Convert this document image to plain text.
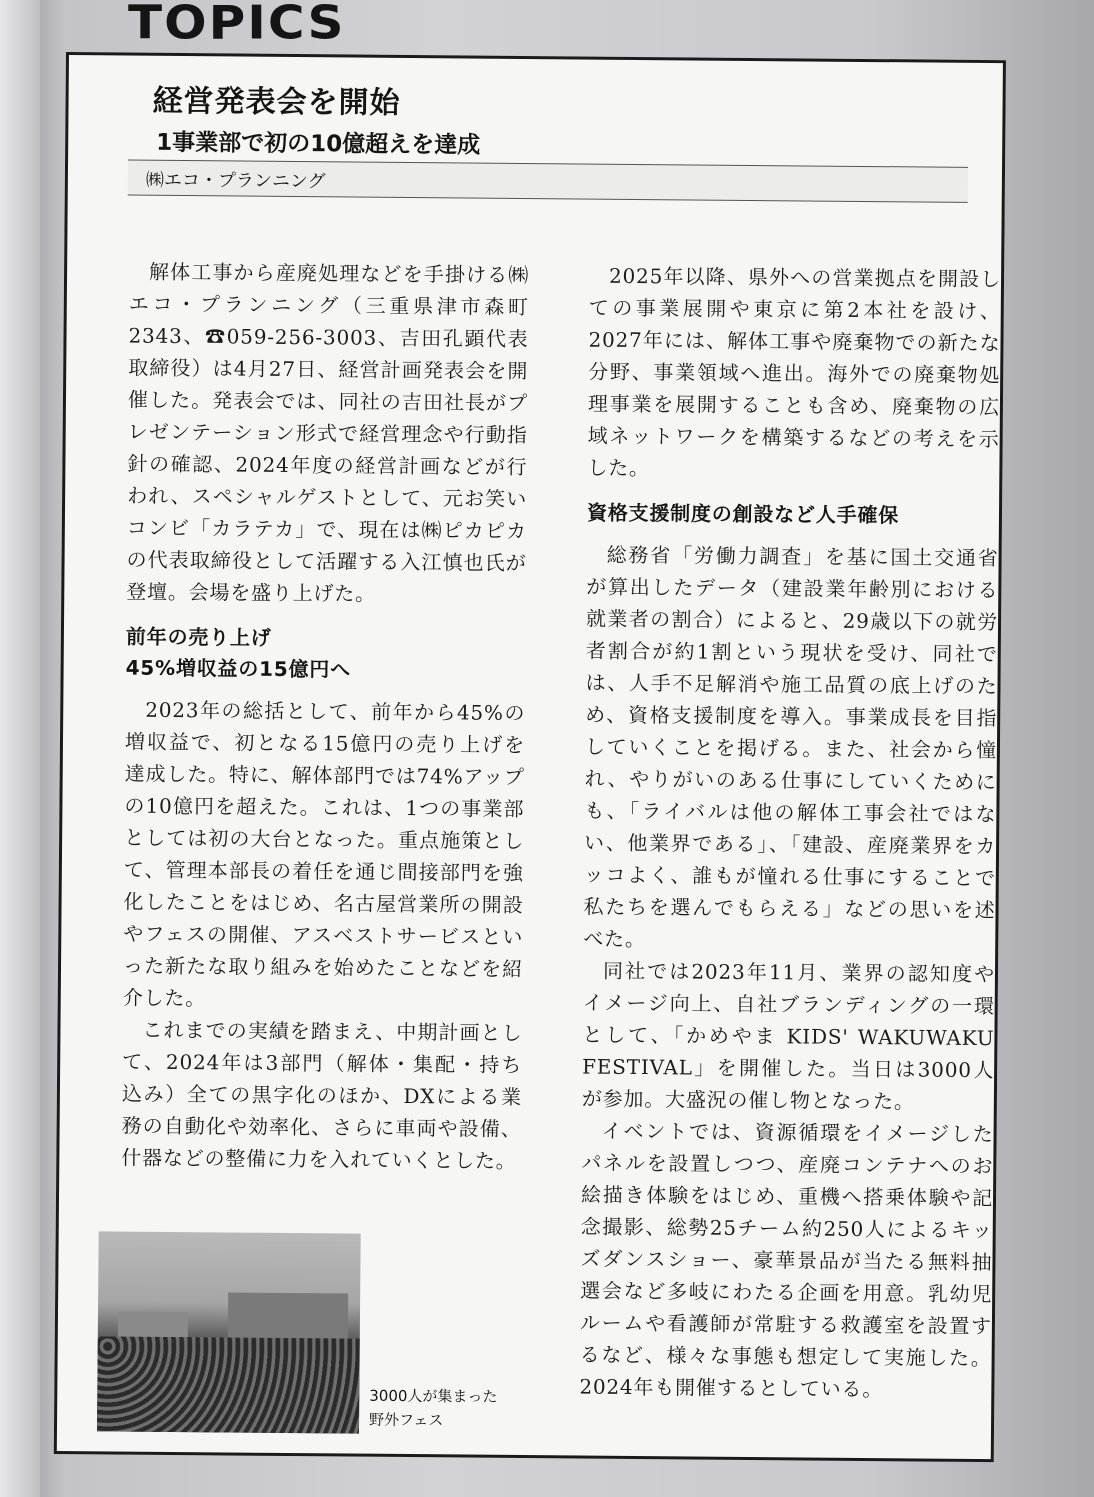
TOPICS
経営発表会を開始
1事業部で初の10億超えを達成
㈱エコ・プランニング

解体工事から産廃処理などを手掛ける㈱エコ・プランニング（三重県津市森町2343、☎059-256-3003、吉田孔顕代表取締役）は4月27日、経営計画発表会を開催した。発表会では、同社の吉田社長がプレゼンテーション形式で経営理念や行動指針の確認、2024年度の経営計画などが行われ、スペシャルゲストとして、元お笑いコンビ「カラテカ」で、現在は㈱ピカピカの代表取締役として活躍する入江慎也氏が登壇。会場を盛り上げた。

前年の売り上げ
45%増収益の15億円へ

2023年の総括として、前年から45%の増収益で、初となる15億円の売り上げを達成した。特に、解体部門では74%アップの10億円を超えた。これは、1つの事業部としては初の大台となった。重点施策として、管理本部長の着任を通じ間接部門を強化したことをはじめ、名古屋営業所の開設やフェスの開催、アスベストサービスといった新たな取り組みを始めたことなどを紹介した。

これまでの実績を踏まえ、中期計画として、2024年は3部門（解体・集配・持ち込み）全ての黒字化のほか、DXによる業務の自動化や効率化、さらに車両や設備、什器などの整備に力を入れていくとした。

2025年以降、県外への営業拠点を開設しての事業展開や東京に第2本社を設け、2027年には、解体工事や廃棄物での新たな分野、事業領域へ進出。海外での廃棄物処理事業を展開することも含め、廃棄物の広域ネットワークを構築するなどの考えを示した。

資格支援制度の創設など人手確保

総務省「労働力調査」を基に国土交通省が算出したデータ（建設業年齢別における就業者の割合）によると、29歳以下の就労者割合が約1割という現状を受け、同社では、人手不足解消や施工品質の底上げのため、資格支援制度を導入。事業成長を目指していくことを掲げる。また、社会から憧れ、やりがいのある仕事にしていくためにも、「ライバルは他の解体工事会社ではない、他業界である」、「建設、産廃業界をカッコよく、誰もが憧れる仕事にすることで私たちを選んでもらえる」などの思いを述べた。

同社では2023年11月、業界の認知度やイメージ向上、自社ブランディングの一環として、「かめやま KIDS' WAKUWAKU FESTIVAL」を開催した。当日は3000人が参加。大盛況の催し物となった。

イベントでは、資源循環をイメージしたパネルを設置しつつ、産廃コンテナへのお絵描き体験をはじめ、重機へ搭乗体験や記念撮影、総勢25チーム約250人によるキッズダンスショー、豪華景品が当たる無料抽選会など多岐にわたる企画を用意。乳幼児ルームや看護師が常駐する救護室を設置するなど、様々な事態も想定して実施した。2024年も開催するとしている。

3000人が集まった
野外フェス
